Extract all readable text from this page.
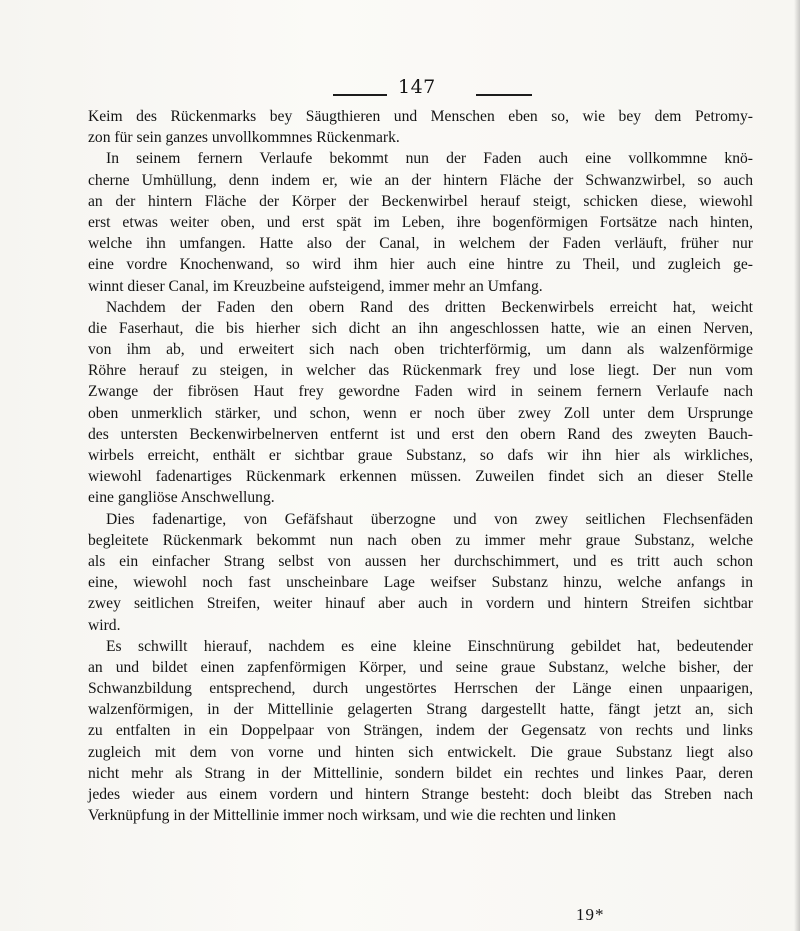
147
Keim des Rückenmarks bey Säugthieren und Menschen eben so, wie bey dem Petromy-
zon für sein ganzes unvollkommnes Rückenmark.
In seinem fernern Verlaufe bekommt nun der Faden auch eine vollkommne knö-
cherne Umhüllung, denn indem er, wie an der hintern Fläche der Schwanzwirbel, so auch
an der hintern Fläche der Körper der Beckenwirbel herauf steigt, schicken diese, wiewohl
erst etwas weiter oben, und erst spät im Leben, ihre bogenförmigen Fortsätze nach hinten,
welche ihn umfangen. Hatte also der Canal, in welchem der Faden verläuft, früher nur
eine vordre Knochenwand, so wird ihm hier auch eine hintre zu Theil, und zugleich ge-
winnt dieser Canal, im Kreuzbeine aufsteigend, immer mehr an Umfang.
Nachdem der Faden den obern Rand des dritten Beckenwirbels erreicht hat, weicht
die Faserhaut, die bis hierher sich dicht an ihn angeschlossen hatte, wie an einen Nerven,
von ihm ab, und erweitert sich nach oben trichterförmig, um dann als walzenförmige
Röhre herauf zu steigen, in welcher das Rückenmark frey und lose liegt. Der nun vom
Zwange der fibrösen Haut frey gewordne Faden wird in seinem fernern Verlaufe nach
oben unmerklich stärker, und schon, wenn er noch über zwey Zoll unter dem Ursprunge
des untersten Beckenwirbelnerven entfernt ist und erst den obern Rand des zweyten Bauch-
wirbels erreicht, enthält er sichtbar graue Substanz, so dafs wir ihn hier als wirkliches,
wiewohl fadenartiges Rückenmark erkennen müssen. Zuweilen findet sich an dieser Stelle
eine gangliöse Anschwellung.
Dies fadenartige, von Gefäfshaut überzogne und von zwey seitlichen Flechsenfäden
begleitete Rückenmark bekommt nun nach oben zu immer mehr graue Substanz, welche
als ein einfacher Strang selbst von aussen her durchschimmert, und es tritt auch schon
eine, wiewohl noch fast unscheinbare Lage weifser Substanz hinzu, welche anfangs in
zwey seitlichen Streifen, weiter hinauf aber auch in vordern und hintern Streifen sichtbar
wird.
Es schwillt hierauf, nachdem es eine kleine Einschnürung gebildet hat, bedeutender
an und bildet einen zapfenförmigen Körper, und seine graue Substanz, welche bisher, der
Schwanzbildung entsprechend, durch ungestörtes Herrschen der Länge einen unpaarigen,
walzenförmigen, in der Mittellinie gelagerten Strang dargestellt hatte, fängt jetzt an, sich
zu entfalten in ein Doppelpaar von Strängen, indem der Gegensatz von rechts und links
zugleich mit dem von vorne und hinten sich entwickelt. Die graue Substanz liegt also
nicht mehr als Strang in der Mittellinie, sondern bildet ein rechtes und linkes Paar, deren
jedes wieder aus einem vordern und hintern Strange besteht: doch bleibt das Streben nach
Verknüpfung in der Mittellinie immer noch wirksam, und wie die rechten und linken
19*
